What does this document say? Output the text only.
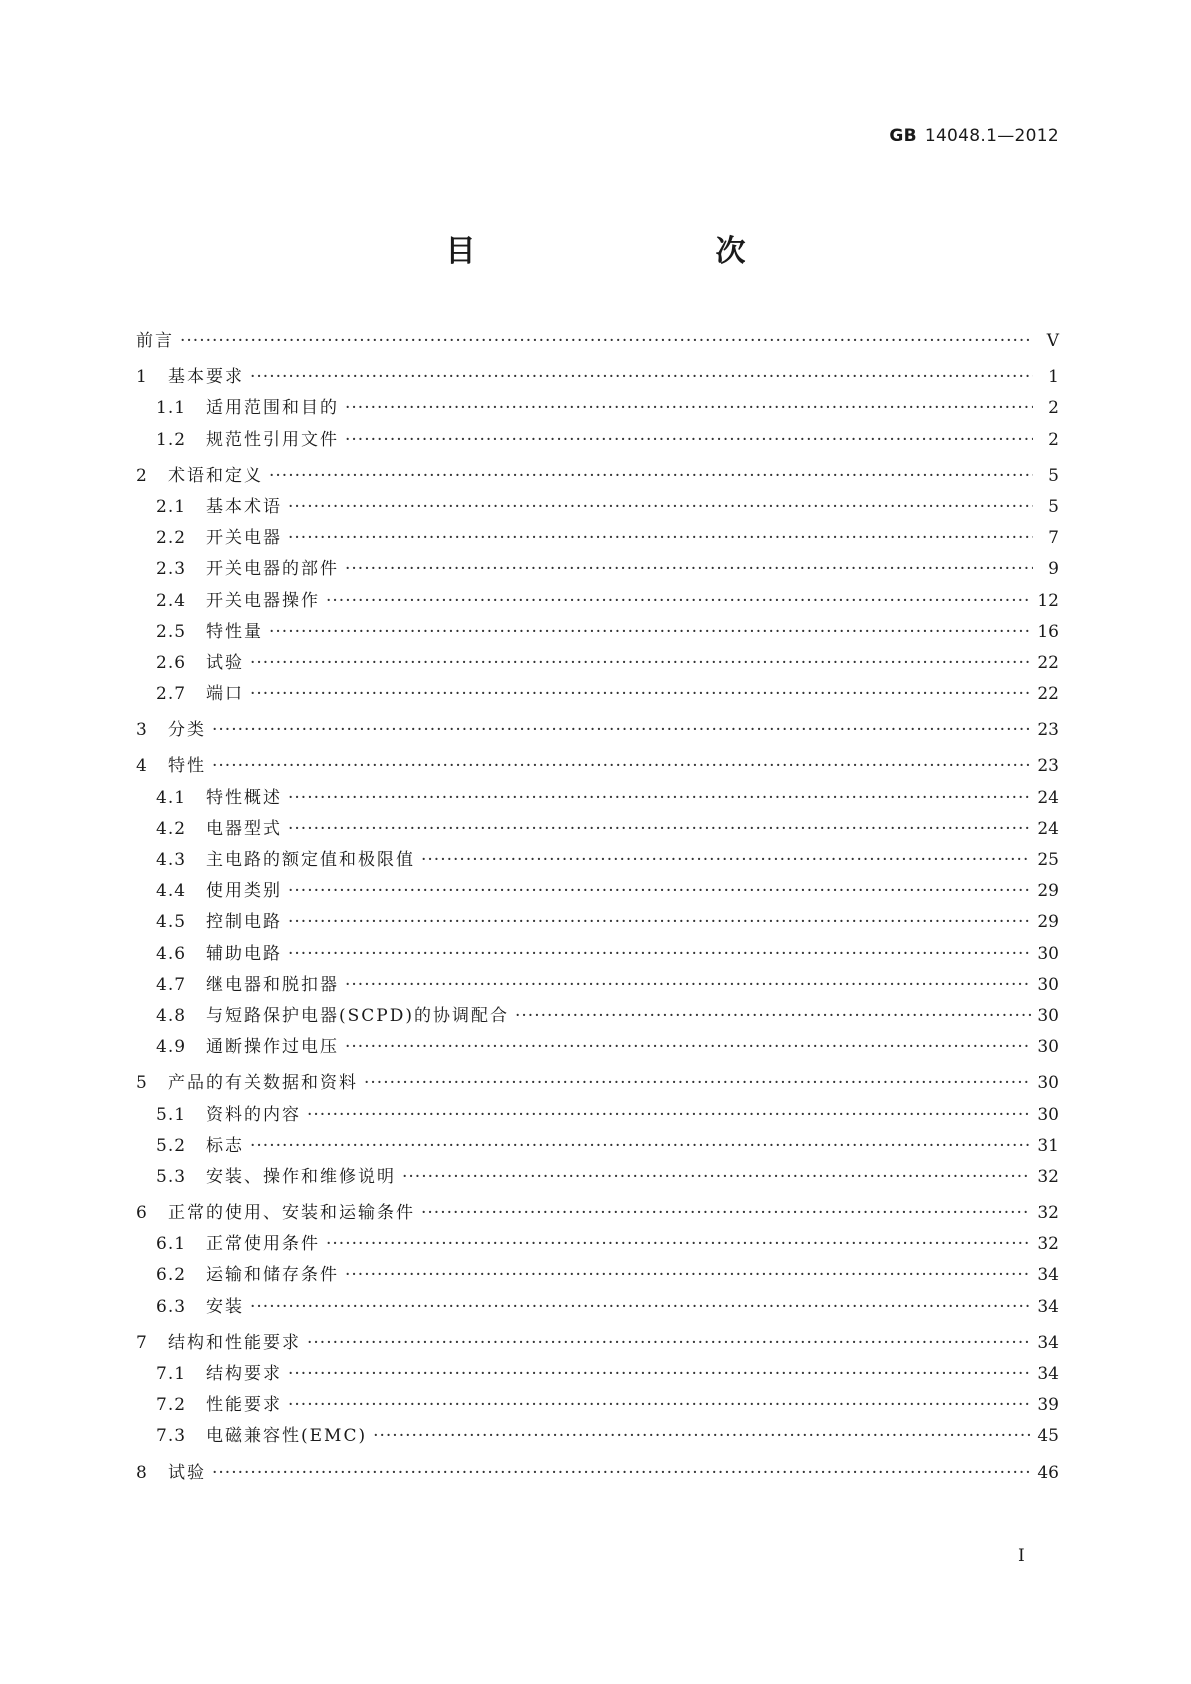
GB 14048.1—2012
目　　次
前言 ·····	Ⅴ
1	基本要求 ·····	1
1.1	适用范围和目的 ·····	2
1.2	规范性引用文件 ·····	2
2	术语和定义 ·····	5
2.1	基本术语 ·····	5
2.2	开关电器 ·····	7
2.3	开关电器的部件 ·····	9
2.4	开关电器操作 ·····	12
2.5	特性量 ·····	16
2.6	试验 ·····	22
2.7	端口 ·····	22
3	分类 ·····	23
4	特性 ·····	23
4.1	特性概述 ·····	24
4.2	电器型式 ·····	24
4.3	主电路的额定值和极限值 ·····	25
4.4	使用类别 ·····	29
4.5	控制电路 ·····	29
4.6	辅助电路 ·····	30
4.7	继电器和脱扣器 ·····	30
4.8	与短路保护电器(SCPD)的协调配合 ·····	30
4.9	通断操作过电压 ·····	30
5	产品的有关数据和资料 ·····	30
5.1	资料的内容 ·····	30
5.2	标志 ·····	31
5.3	安装、操作和维修说明 ·····	32
6	正常的使用、安装和运输条件 ·····	32
6.1	正常使用条件 ·····	32
6.2	运输和储存条件 ·····	34
6.3	安装 ·····	34
7	结构和性能要求 ·····	34
7.1	结构要求 ·····	34
7.2	性能要求 ·····	39
7.3	电磁兼容性(EMC) ·····	45
8	试验 ·····	46
Ⅰ
